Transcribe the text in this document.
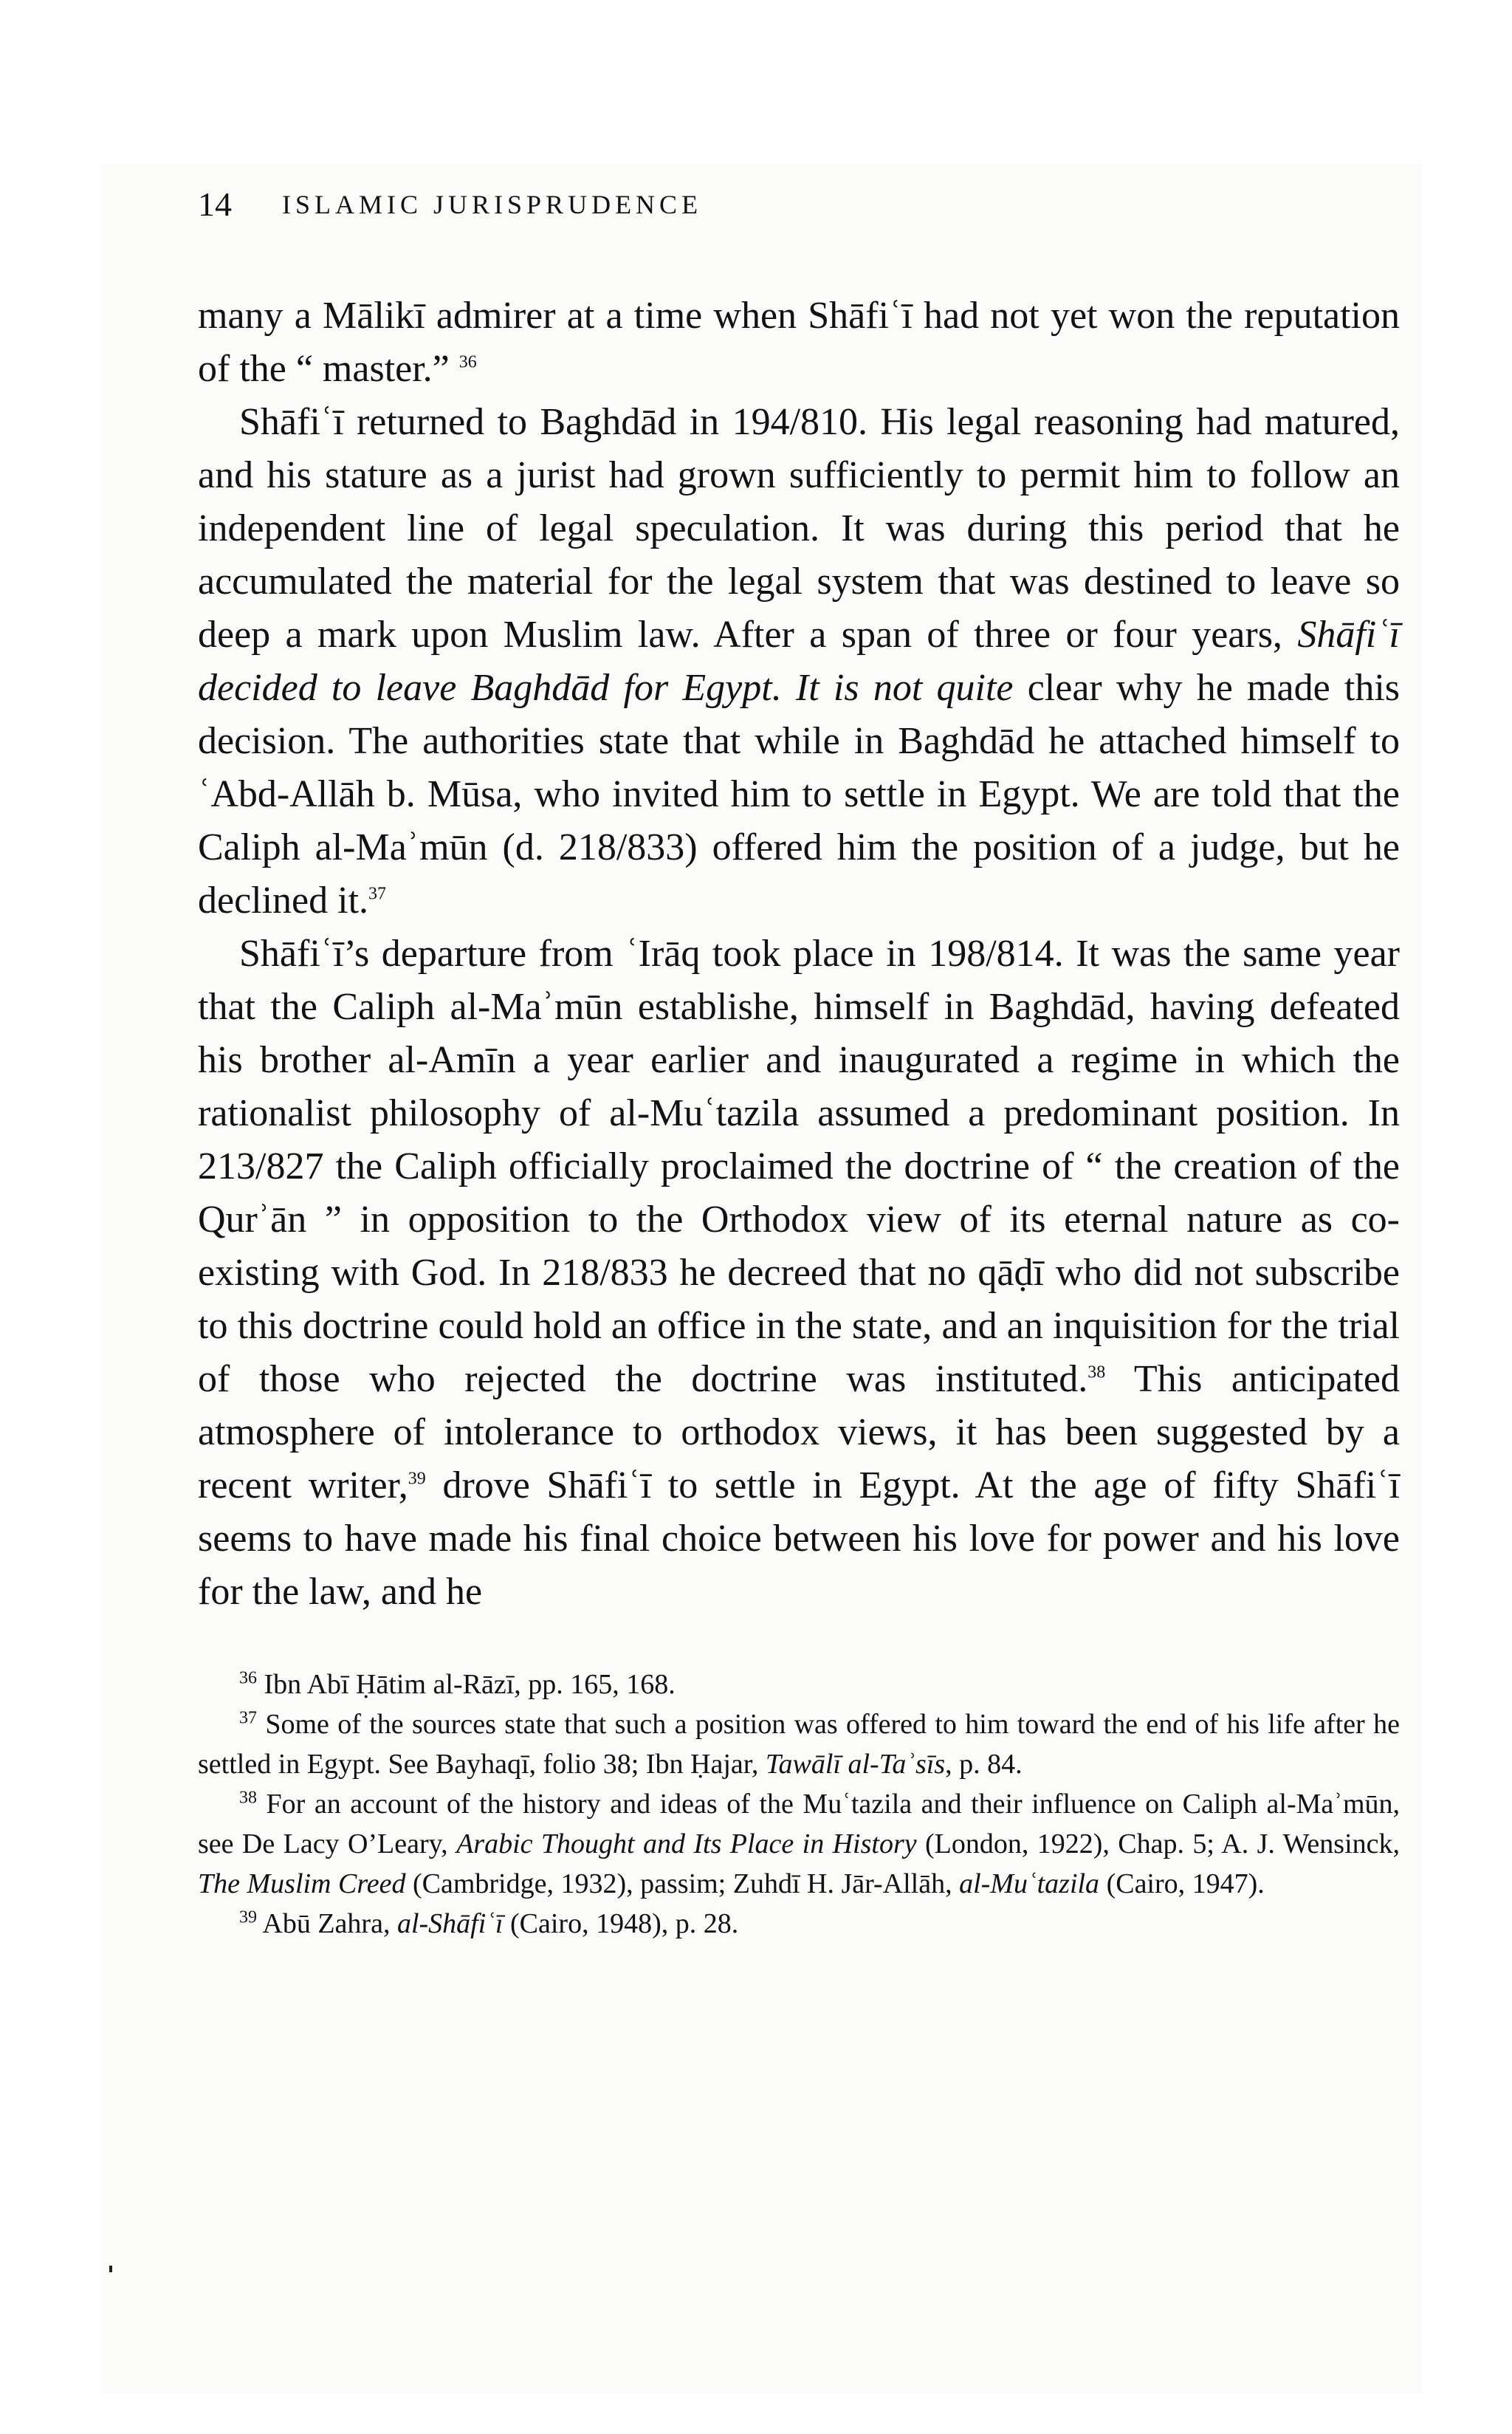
14 ISLAMIC JURISPRUDENCE

many a Mālikī admirer at a time when Shāfiʿī had not yet won the reputation of the “ master.” $^{36}$

Shāfiʿī returned to Baghdād in 194/810. His legal reasoning had matured, and his stature as a jurist had grown sufficiently to permit him to follow an independent line of legal speculation. It was during this period that he accumulated the material for the legal system that was destined to leave so deep a mark upon Muslim law. After a span of three or four years, Shāfiʿī decided to leave Baghdād for Egypt. It is not quite clear why he made this decision. The authorities state that while in Baghdād he attached himself to ʿAbd-Allāh b. Mūsa, who invited him to settle in Egypt. We are told that the Caliph al-Maʾmūn (d. 218/833) offered him the position of a judge, but he declined it.$^{37}$

Shāfiʿī’s departure from ʿIrāq took place in 198/814. It was the same year that the Caliph al-Maʾmūn establishe, himself in Baghdād, having defeated his brother al-Amīn a year earlier and inaugurated a regime in which the rationalist philosophy of al-Muʿtazila assumed a predominant position. In 213/827 the Caliph officially proclaimed the doctrine of “ the creation of the Qurʾān ” in opposition to the Orthodox view of its eternal nature as co-existing with God. In 218/833 he decreed that no qāḍī who did not subscribe to this doctrine could hold an office in the state, and an inquisition for the trial of those who rejected the doctrine was instituted.$^{38}$ This anticipated atmosphere of intolerance to orthodox views, it has been suggested by a recent writer,$^{39}$ drove Shāfiʿī to settle in Egypt. At the age of fifty Shāfiʿī seems to have made his final choice between his love for power and his love for the law, and he

$^{36}$ Ibn Abī Ḥātim al-Rāzī, pp. 165, 168.

$^{37}$ Some of the sources state that such a position was offered to him toward the end of his life after he settled in Egypt. See Bayhaqī, folio 38; Ibn Ḥajar, Tawālī al-Taʾsīs, p. 84.

$^{38}$ For an account of the history and ideas of the Muʿtazila and their influence on Caliph al-Maʾmūn, see De Lacy O’Leary, Arabic Thought and Its Place in History (London, 1922), Chap. 5; A. J. Wensinck, The Muslim Creed (Cambridge, 1932), passim; Zuhdī H. Jār-Allāh, al-Muʿtazila (Cairo, 1947).

$^{39}$ Abū Zahra, al-Shāfiʿī (Cairo, 1948), p. 28.
